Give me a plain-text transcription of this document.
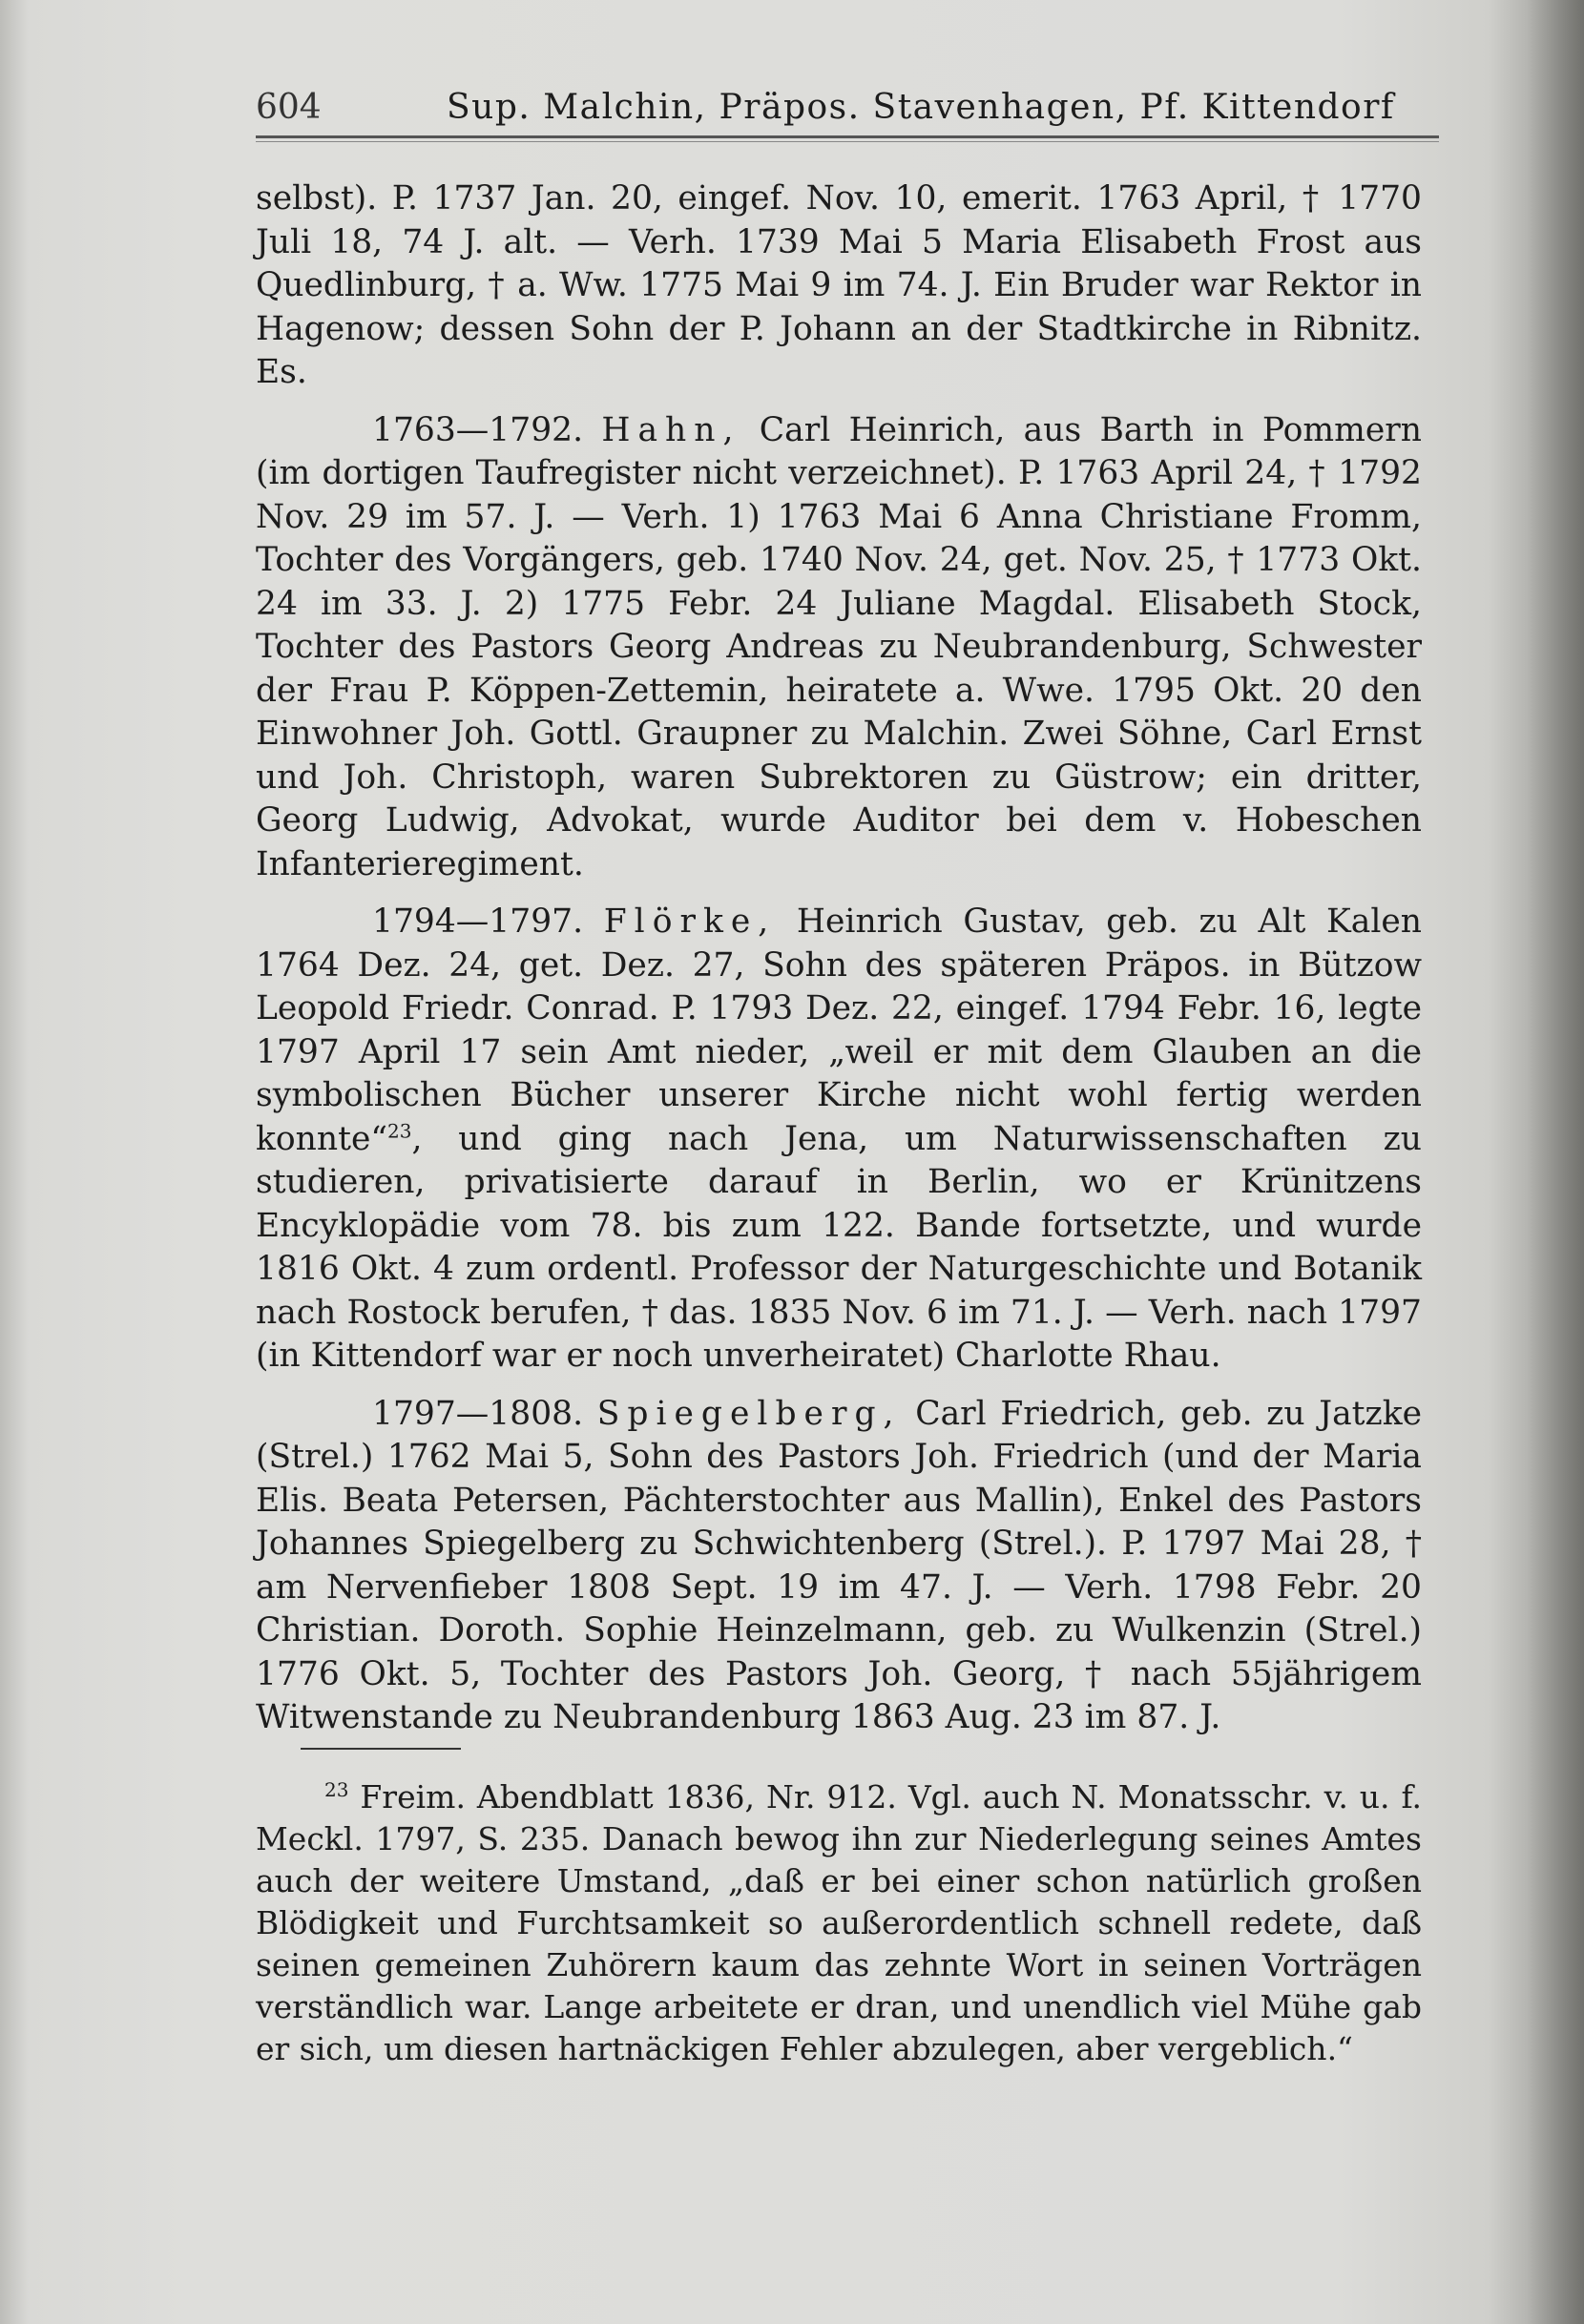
604	Sup. Malchin, Präpos. Stavenhagen, Pf. Kittendorf

selbst). P. 1737 Jan. 20, eingef. Nov. 10, emerit. 1763 April, † 1770 Juli 18, 74 J. alt. — Verh. 1739 Mai 5 Maria Elisabeth Frost aus Quedlinburg, † a. Ww. 1775 Mai 9 im 74. J. Ein Bruder war Rektor in Hagenow; dessen Sohn der P. Johann an der Stadtkirche in Ribnitz. Es.

1763—1792. Hahn, Carl Heinrich, aus Barth in Pommern (im dortigen Taufregister nicht verzeichnet). P. 1763 April 24, † 1792 Nov. 29 im 57. J. — Verh. 1) 1763 Mai 6 Anna Christiane Fromm, Tochter des Vorgängers, geb. 1740 Nov. 24, get. Nov. 25, † 1773 Okt. 24 im 33. J. 2) 1775 Febr. 24 Juliane Magdal. Elisabeth Stock, Tochter des Pastors Georg Andreas zu Neubrandenburg, Schwester der Frau P. Köppen-Zettemin, heiratete a. Wwe. 1795 Okt. 20 den Einwohner Joh. Gottl. Graupner zu Malchin. Zwei Söhne, Carl Ernst und Joh. Christoph, waren Subrektoren zu Güstrow; ein dritter, Georg Ludwig, Advokat, wurde Auditor bei dem v. Hobeschen Infanterieregiment.

1794—1797. Flörke, Heinrich Gustav, geb. zu Alt Kalen 1764 Dez. 24, get. Dez. 27, Sohn des späteren Präpos. in Bützow Leopold Friedr. Conrad. P. 1793 Dez. 22, eingef. 1794 Febr. 16, legte 1797 April 17 sein Amt nieder, „weil er mit dem Glauben an die symbolischen Bücher unserer Kirche nicht wohl fertig werden konnte“$^{23}$, und ging nach Jena, um Naturwissenschaften zu studieren, privatisierte darauf in Berlin, wo er Krünitzens Encyklopädie vom 78. bis zum 122. Bande fortsetzte, und wurde 1816 Okt. 4 zum ordentl. Professor der Naturgeschichte und Botanik nach Rostock berufen, † das. 1835 Nov. 6 im 71. J. — Verh. nach 1797 (in Kittendorf war er noch unverheiratet) Charlotte Rhau.

1797—1808. Spiegelberg, Carl Friedrich, geb. zu Jatzke (Strel.) 1762 Mai 5, Sohn des Pastors Joh. Friedrich (und der Maria Elis. Beata Petersen, Pächterstochter aus Mallin), Enkel des Pastors Johannes Spiegelberg zu Schwichtenberg (Strel.). P. 1797 Mai 28, † am Nervenfieber 1808 Sept. 19 im 47. J. — Verh. 1798 Febr. 20 Christian. Doroth. Sophie Heinzelmann, geb. zu Wulkenzin (Strel.) 1776 Okt. 5, Tochter des Pastors Joh. Georg, † nach 55jährigem Witwenstande zu Neubrandenburg 1863 Aug. 23 im 87. J.

$^{23}$ Freim. Abendblatt 1836, Nr. 912. Vgl. auch N. Monatsschr. v. u. f. Meckl. 1797, S. 235. Danach bewog ihn zur Niederlegung seines Amtes auch der weitere Umstand, „daß er bei einer schon natürlich großen Blödigkeit und Furchtsamkeit so außerordentlich schnell redete, daß seinen gemeinen Zuhörern kaum das zehnte Wort in seinen Vorträgen verständlich war. Lange arbeitete er dran, und unendlich viel Mühe gab er sich, um diesen hartnäckigen Fehler abzulegen, aber vergeblich.“
